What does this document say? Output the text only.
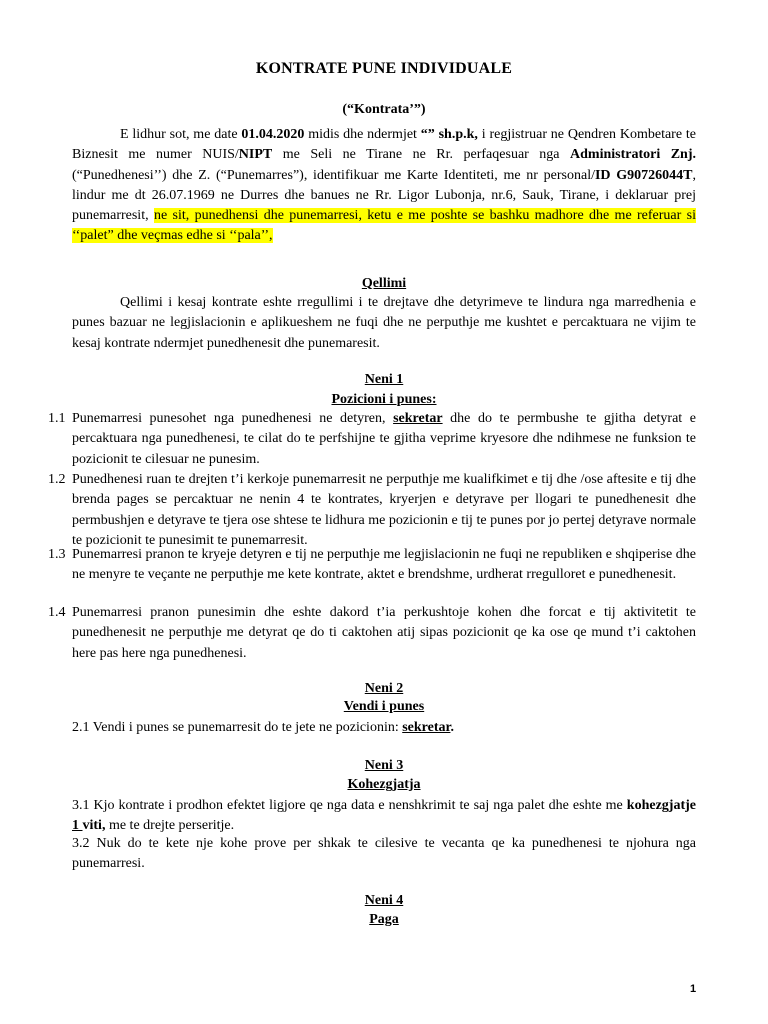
KONTRATE PUNE INDIVIDUALE
(“Kontrata’”)
E lidhur sot, me date 01.04.2020 midis dhe ndermjet “” sh.p.k, i regjistruar ne Qendren Kombetare te Biznesit me numer NUIS/NIPT me Seli ne Tirane ne Rr. perfaqesuar nga Administratori Znj. (“Punedhenesi’’) dhe Z. (“Punemarres”), identifikuar me Karte Identiteti, me nr personal/ID G90726044T, lindur me dt 26.07.1969 ne Durres dhe banues ne Rr. Ligor Lubonja, nr.6, Sauk, Tirane, i deklaruar prej punemarresit, ne sit, punedhensi dhe punemarresi, ketu e me poshte se bashku madhore dhe me referuar si ‘‘palet” dhe veçmas edhe si ‘‘pala’’,
Qellimi
Qellimi i kesaj kontrate eshte rregullimi i te drejtave dhe detyrimeve te lindura nga marredhenia e punes bazuar ne legjislacionin e aplikueshem ne fuqi dhe ne perputhje me kushtet e percaktuara ne vijim te kesaj kontrate ndermjet punedhenesit dhe punemaresit.
Neni 1
Pozicioni i punes:
1.1 Punemarresi punesohet nga punedhenesi ne detyren, sekretar dhe do te permbushe te gjitha detyrat e percaktuara nga punedhenesi, te cilat do te perfshijne te gjitha veprime kryesore dhe ndihmese ne funksion te pozicionit te cilesuar ne punesim.
1.2 Punedhenesi ruan te drejten t’i kerkoje punemarresit ne perputhje me kualifkimet e tij dhe /ose aftesite e tij dhe brenda pages se percaktuar ne nenin 4 te kontrates, kryerjen e detyrave per llogari te punedhenesit dhe permbushjen e detyrave te tjera ose shtese te lidhura me pozicionin e tij te punes por jo pertej detyrave normale te pozicionit te punesimit te punemarresit.
1.3 Punemarresi pranon te kryeje detyren e tij ne perputhje me legjislacionin ne fuqi ne republiken e shqiperise dhe ne menyre te veçante ne perputhje me kete kontrate, aktet e brendshme, urdherat rregulloret e punedhenesit.
1.4 Punemarresi pranon punesimin dhe eshte dakord t’ia perkushtoje kohen dhe forcat e tij aktivitetit te punedhenesit ne perputhje me detyrat qe do ti caktohen atij sipas pozicionit qe ka ose qe mund t’i caktohen here pas here nga punedhenesi.
Neni 2
Vendi i punes
2.1 Vendi i punes se punemarresit do te jete ne pozicionin: sekretar.
Neni 3
Kohezgjatja
3.1 Kjo kontrate i prodhon efektet ligjore qe nga data e nenshkrimit te saj nga palet dhe eshte me kohezgjatje 1 viti, me te drejte perseritje.
3.2 Nuk do te kete nje kohe prove per shkak te cilesive te vecanta qe ka punedhenesi te njohura nga punemarresi.
Neni 4
Paga
1
